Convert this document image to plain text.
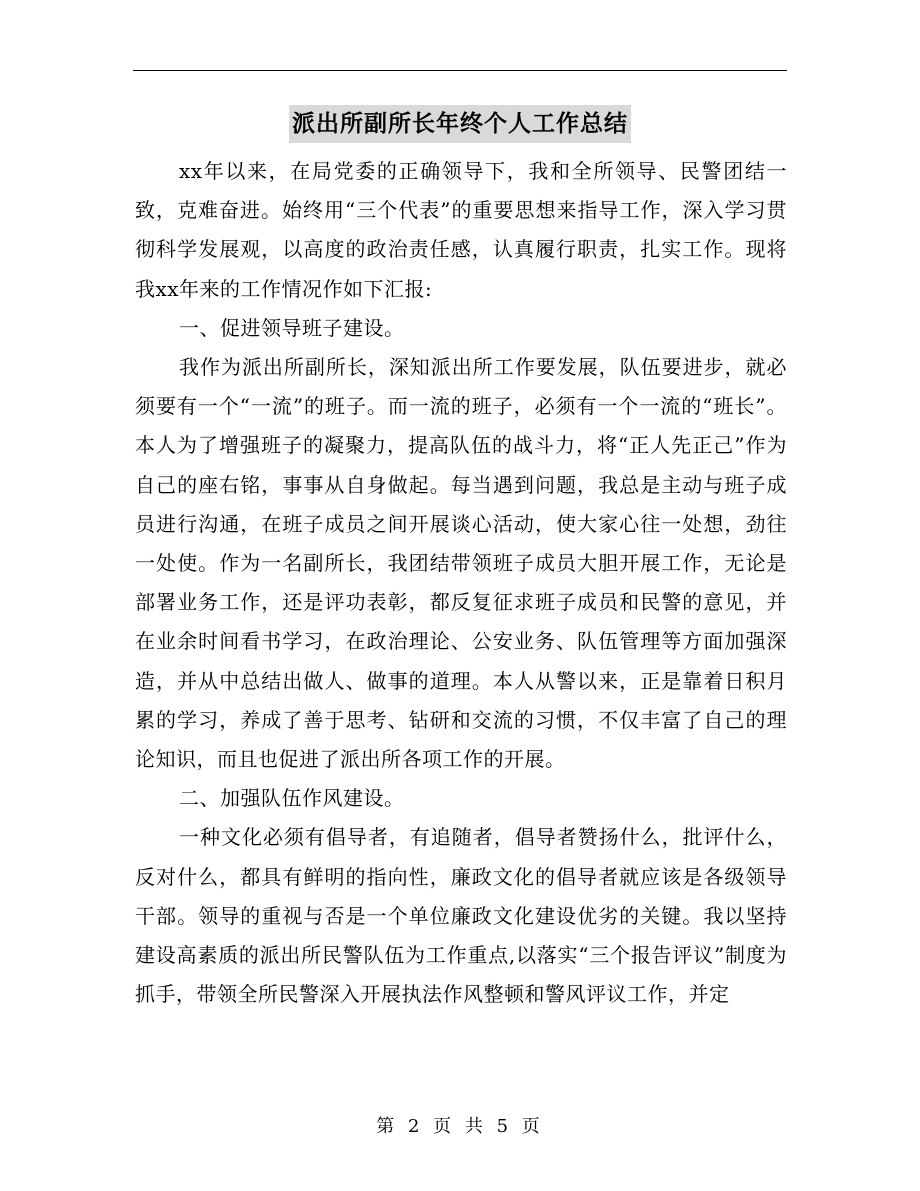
派出所副所长年终个人工作总结

xx年以来，在局党委的正确领导下，我和全所领导、民警团结一致，克难奋进。始终用“三个代表”的重要思想来指导工作，深入学习贯彻科学发展观，以高度的政治责任感，认真履行职责，扎实工作。现将我xx年来的工作情况作如下汇报:

一、促进领导班子建设。

我作为派出所副所长，深知派出所工作要发展，队伍要进步，就必须要有一个“一流”的班子。而一流的班子，必须有一个一流的“班长”。本人为了增强班子的凝聚力，提高队伍的战斗力，将“正人先正己”作为自己的座右铭，事事从自身做起。每当遇到问题，我总是主动与班子成员进行沟通，在班子成员之间开展谈心活动，使大家心往一处想，劲往一处使。作为一名副所长，我团结带领班子成员大胆开展工作，无论是部署业务工作，还是评功表彰，都反复征求班子成员和民警的意见，并在业余时间看书学习，在政治理论、公安业务、队伍管理等方面加强深造，并从中总结出做人、做事的道理。本人从警以来，正是靠着日积月累的学习，养成了善于思考、钻研和交流的习惯，不仅丰富了自己的理论知识，而且也促进了派出所各项工作的开展。

二、加强队伍作风建设。

一种文化必须有倡导者，有追随者，倡导者赞扬什么，批评什么，反对什么，都具有鲜明的指向性，廉政文化的倡导者就应该是各级领导干部。领导的重视与否是一个单位廉政文化建设优劣的关键。我以坚持建设高素质的派出所民警队伍为工作重点,以落实“三个报告评议”制度为抓手，带领全所民警深入开展执法作风整顿和警风评议工作，并定

第 2 页 共 5 页
